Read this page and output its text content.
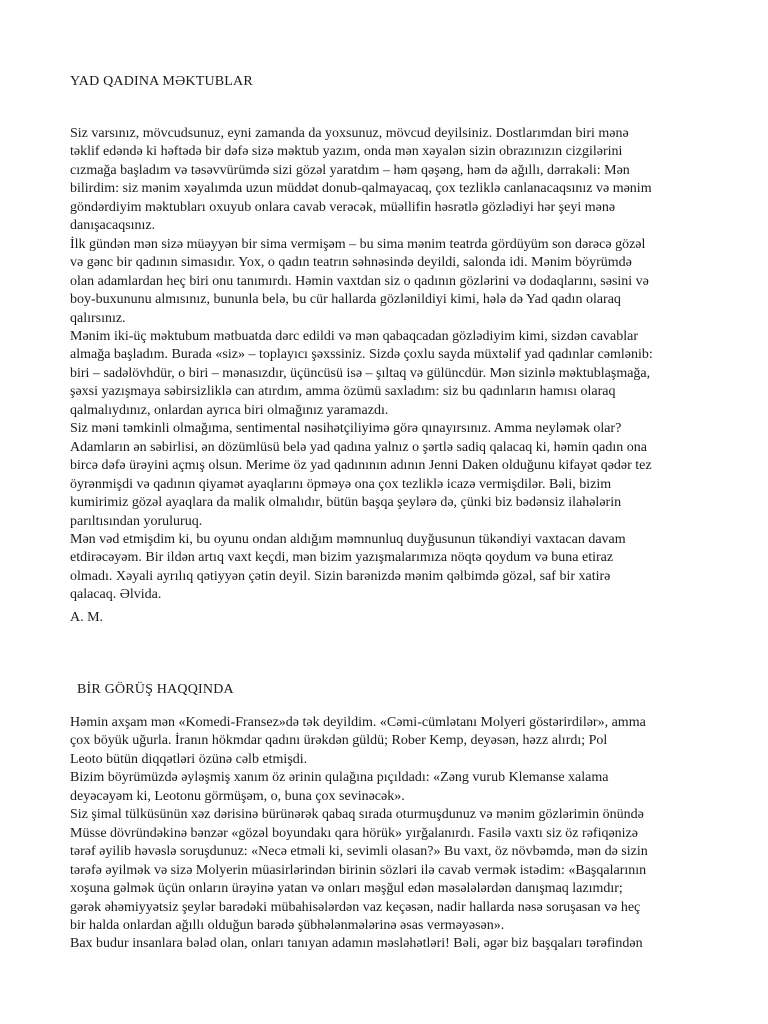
YAD QADINA MƏKTUBLAR
Siz varsınız, mövcudsunuz, eyni zamanda da yoxsunuz, mövcud deyilsiniz. Dostlarımdan biri mənə
təklif edəndə ki həftədə bir dəfə sizə məktub yazım, onda mən xəyalən sizin obrazınızın cizgilərini
cızmağa başladım və təsəvvürümdə sizi gözəl yaratdım – həm qəşəng, həm də ağıllı, dərrakəli: Mən
bilirdim: siz mənim xəyalımda uzun müddət donub-qalmayacaq, çox tezliklə canlanacaqsınız və mənim
göndərdiyim məktubları oxuyub onlara cavab verəcək, müəllifin həsrətlə gözlədiyi hər şeyi mənə
danışacaqsınız.
İlk gündən mən sizə müəyyən bir sima vermişəm – bu sima mənim teatrda gördüyüm son dərəcə gözəl
və gənc bir qadının simasıdır. Yox, o qadın teatrın səhnəsində deyildi, salonda idi. Mənim böyrümdə
olan adamlardan heç biri onu tanımırdı. Həmin vaxtdan siz o qadının gözlərini və dodaqlarını, səsini və
boy-buxununu almısınız, bununla belə, bu cür hallarda gözlənildiyi kimi, hələ də Yad qadın olaraq
qalırsınız.
Mənim iki-üç məktubum mətbuatda dərc edildi və mən qabaqcadan gözlədiyim kimi, sizdən cavablar
almağa başladım. Burada «siz» – toplayıcı şəxssiniz. Sizdə çoxlu sayda müxtəlif yad qadınlar cəmlənib:
biri – sadəlövhdür, o biri – mənasızdır, üçüncüsü isə – şıltaq və gülüncdür. Mən sizinlə məktublaşmağa,
şəxsi yazışmaya səbirsizliklə can atırdım, amma özümü saxladım: siz bu qadınların hamısı olaraq
qalmalıydınız, onlardan ayrıca biri olmağınız yaramazdı.
Siz məni təmkinli olmağıma, sentimental nəsihətçiliyimə görə qınayırsınız. Amma neyləmək olar?
Adamların ən səbirlisi, ən dözümlüsü belə yad qadına yalnız o şərtlə sadiq qalacaq ki, həmin qadın ona
bircə dəfə ürəyini açmış olsun. Merime öz yad qadınının adının Jenni Daken olduğunu kifayət qədər tez
öyrənmişdi və qadının qiyamət ayaqlarını öpməyə ona çox tezliklə icazə vermişdilər. Bəli, bizim
kumirimiz gözəl ayaqlara da malik olmalıdır, bütün başqa şeylərə də, çünki biz bədənsiz ilahələrin
parıltısından yoruluruq.
Mən vəd etmişdim ki, bu oyunu ondan aldığım məmnunluq duyğusunun tükəndiyi vaxtacan davam
etdirəcəyəm. Bir ildən artıq vaxt keçdi, mən bizim yazışmalarımıza nöqtə qoydum və buna etiraz
olmadı. Xəyali ayrılıq qətiyyən çətin deyil. Sizin barənizdə mənim qəlbimdə gözəl, saf bir xatirə
qalacaq. Əlvida.
A. M.
BİR GÖRÜŞ HAQQINDA
Həmin axşam mən «Komedi-Fransez»də tək deyildim. «Cəmi-cümlətanı Molyeri göstərirdilər», amma
çox böyük uğurla. İranın hökmdar qadını ürəkdən güldü; Rober Kemp, deyəsən, həzz alırdı; Pol
Leoto bütün diqqətləri özünə cəlb etmişdi.
Bizim böyrümüzdə əyləşmiş xanım öz ərinin qulağına pıçıldadı: «Zəng vurub Klemanse xalama
deyəcəyəm ki, Leotonu görmüşəm, o, buna çox sevinəcək».
Siz şimal tülküsünün xəz dərisinə bürünərək qabaq sırada oturmuşdunuz və mənim gözlərimin önündə
Müsse dövründəkinə bənzər «gözəl boyundakı qara hörük» yırğalanırdı. Fasilə vaxtı siz öz rəfiqənizə
tərəf əyilib həvəslə soruşdunuz: «Necə etməli ki, sevimli olasan?» Bu vaxt, öz növbəmdə, mən də sizin
tərəfə əyilmək və sizə Molyerin müasirlərindən birinin sözləri ilə cavab vermək istədim: «Başqalarının
xoşuna gəlmək üçün onların ürəyinə yatan və onları məşğul edən məsələlərdən danışmaq lazımdır;
gərək əhəmiyyətsiz şeylər barədəki mübahisələrdən vaz keçəsən, nadir hallarda nəsə soruşasan və heç
bir halda onlardan ağıllı olduğun barədə şübhələnmələrinə əsas verməyəsən».
Bax budur insanlara bələd olan, onları tanıyan adamın məsləhətləri! Bəli, əgər biz başqaları tərəfindən
